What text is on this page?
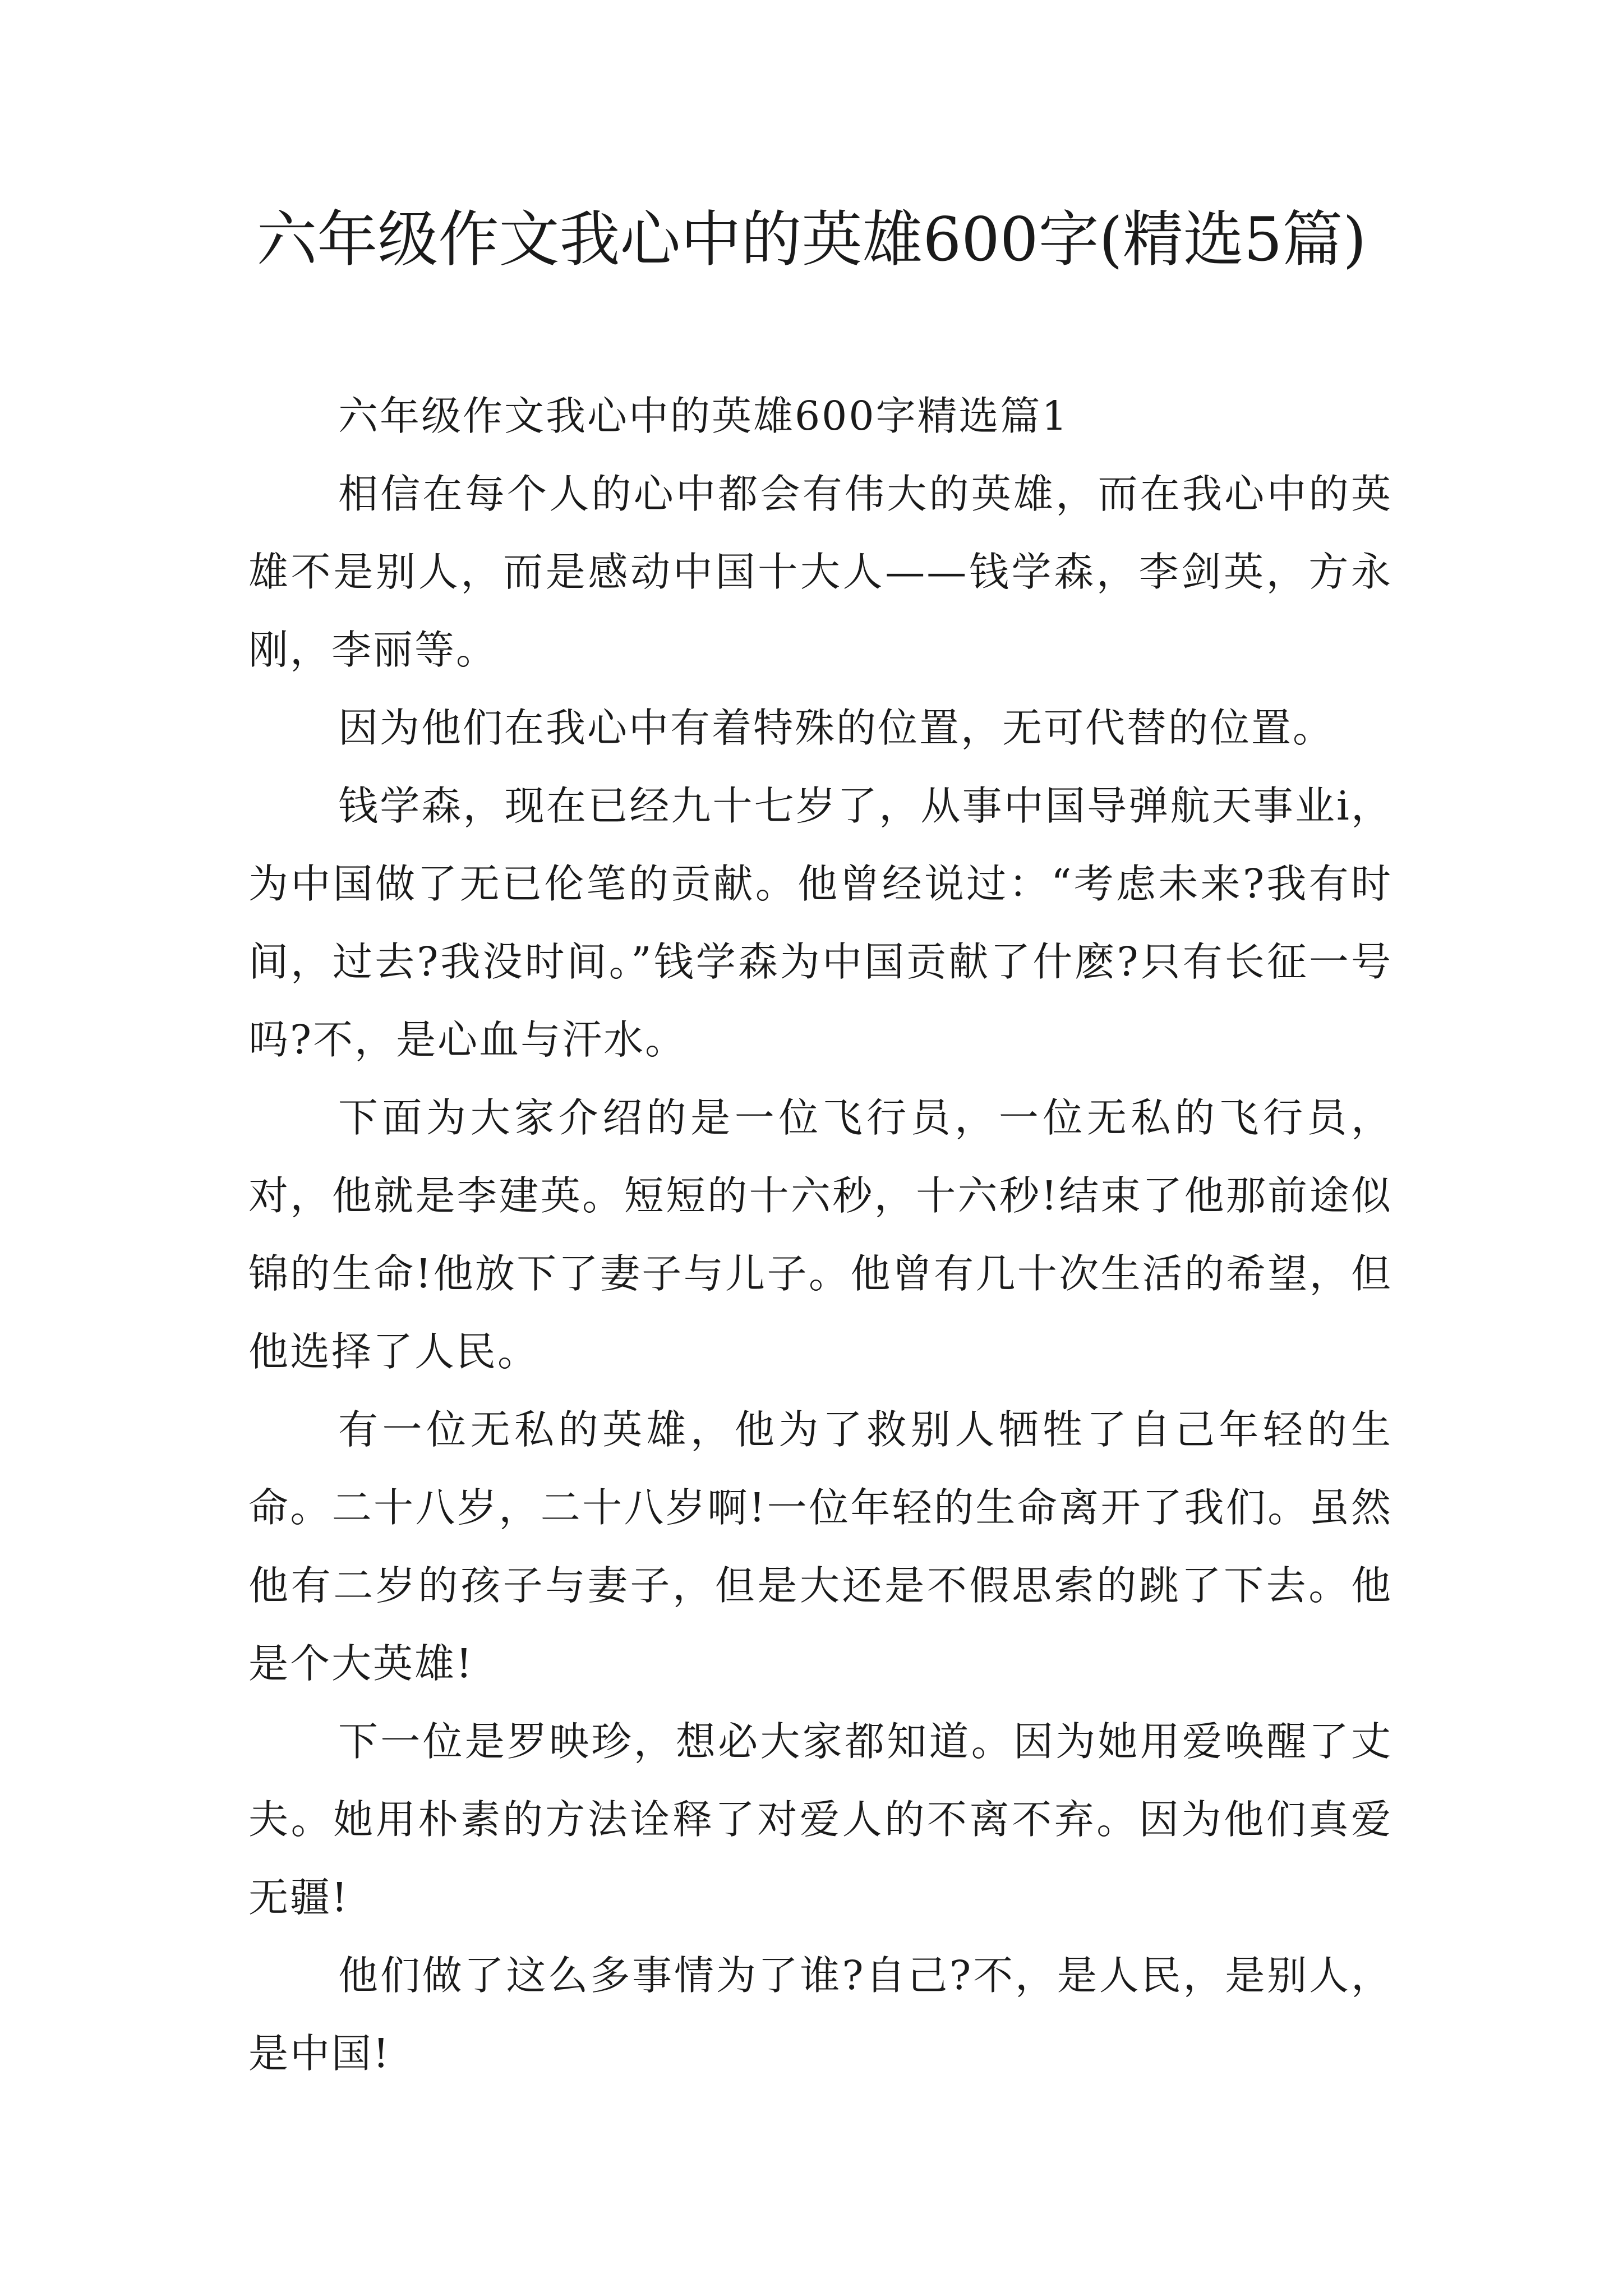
六年级作文我心中的英雄600字(精选5篇)

六年级作文我心中的英雄600字精选篇1

相信在每个人的心中都会有伟大的英雄，而在我心中的英雄不是别人，而是感动中国十大人——钱学森，李剑英，方永刚，李丽等。

因为他们在我心中有着特殊的位置，无可代替的位置。

钱学森，现在已经九十七岁了，从事中国导弹航天事业i，为中国做了无已伦笔的贡献。他曾经说过：“考虑未来?我有时间，过去?我没时间。”钱学森为中国贡献了什麽?只有长征一号吗?不，是心血与汗水。

下面为大家介绍的是一位飞行员，一位无私的飞行员，对，他就是李建英。短短的十六秒，十六秒!结束了他那前途似锦的生命!他放下了妻子与儿子。他曾有几十次生活的希望，但他选择了人民。

有一位无私的英雄，他为了救别人牺牲了自己年轻的生命。二十八岁，二十八岁啊!一位年轻的生命离开了我们。虽然他有二岁的孩子与妻子，但是大还是不假思索的跳了下去。他是个大英雄!

下一位是罗映珍，想必大家都知道。因为她用爱唤醒了丈夫。她用朴素的方法诠释了对爱人的不离不弃。因为他们真爱无疆!

他们做了这么多事情为了谁?自己?不，是人民，是别人，是中国!
